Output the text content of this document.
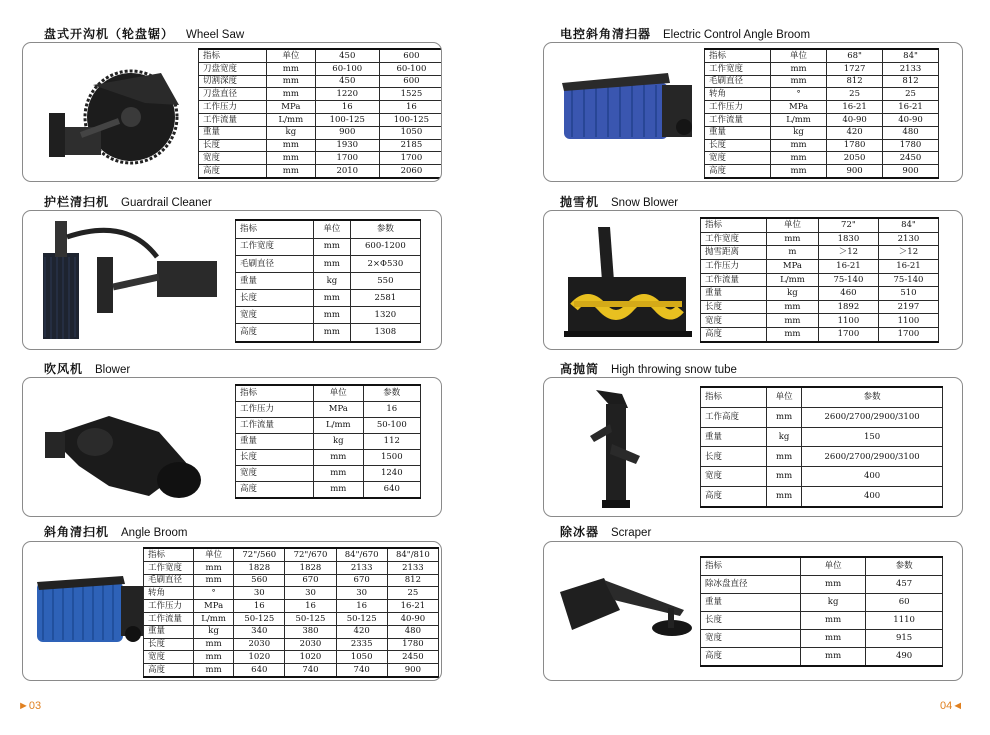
盘式开沟机（轮盘锯） Wheel Saw
指标	单位	450	600
刀盘宽度	mm	60-100	60-100
切割深度	mm	450	600
刀盘直径	mm	1220	1525
工作压力	MPa	16	16
工作流量	L/mm	100-125	100-125
重量	kg	900	1050
长度	mm	1930	2185
宽度	mm	1700	1700
高度	mm	2010	2060
护栏清扫机 Guardrail Cleaner
指标	单位	参数
工作宽度	mm	600-1200
毛刷直径	mm	2×Φ530
重量	kg	550
长度	mm	2581
宽度	mm	1320
高度	mm	1308
吹风机 Blower
指标	单位	参数
工作压力	MPa	16
工作流量	L/mm	50-100
重量	kg	112
长度	mm	1500
宽度	mm	1240
高度	mm	640
斜角清扫机 Angle Broom
指标	单位	72"/560	72"/670	84"/670	84"/810
工作宽度	mm	1828	1828	2133	2133
毛刷直径	mm	560	670	670	812
转角	°	30	30	30	25
工作压力	MPa	16	16	16	16-21
工作流量	L/mm	50-125	50-125	50-125	40-90
重量	kg	340	380	420	480
长度	mm	2030	2030	2335	1780
宽度	mm	1020	1020	1050	2450
高度	mm	640	740	740	900
►03
电控斜角清扫器 Electric Control Angle Broom
指标	单位	68"	84"
工作宽度	mm	1727	2133
毛刷直径	mm	812	812
转角	°	25	25
工作压力	MPa	16-21	16-21
工作流量	L/mm	40-90	40-90
重量	kg	420	480
长度	mm	1780	1780
宽度	mm	2050	2450
高度	mm	900	900
抛雪机 Snow Blower
指标	单位	72"	84"
工作宽度	mm	1830	2130
抛雪距离	m	＞12	＞12
工作压力	MPa	16-21	16-21
工作流量	L/mm	75-140	75-140
重量	kg	460	510
长度	mm	1892	2197
宽度	mm	1100	1100
高度	mm	1700	1700
高抛筒 High throwing snow tube
指标	单位	参数
工作高度	mm	2600/2700/2900/3100
重量	kg	150
长度	mm	2600/2700/2900/3100
宽度	mm	400
高度	mm	400
除冰器 Scraper
指标	单位	参数
除冰盘直径	mm	457
重量	kg	60
长度	mm	1110
宽度	mm	915
高度	mm	490
04◄
